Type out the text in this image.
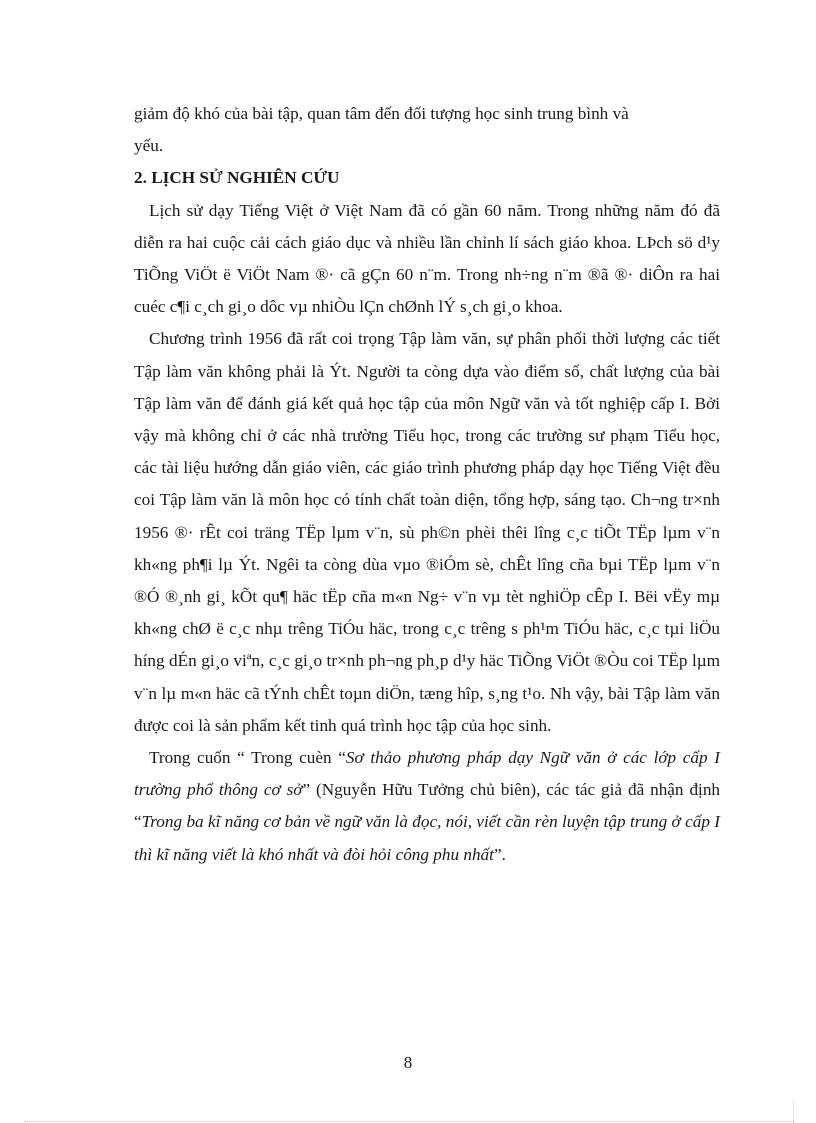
giảm độ khó của bài tập, quan tâm đến đối tượng học sinh trung bình và

yếu.

2. LỊCH SỬ NGHIÊN CỨU

Lịch sử dạy Tiếng Việt ở Việt Nam đã có gần 60 năm. Trong những năm đó đã diễn ra hai cuộc cải cách giáo dục và nhiều lần chỉnh lí sách giáo khoa. LÞch sö d¹y TiÕng ViÖt ë ViÖt Nam ®· cã gÇn 60 n¨m. Trong nh÷ng n¨m ®ã ®· diÔn ra hai cuéc c¶i c¸ch gi¸o dôc vµ nhiÒu lÇn chØnh lÝ s¸ch gi¸o khoa.

Chương trình 1956 đã rất coi trọng Tập làm văn, sự phân phối thời lượng các tiết Tập làm văn không phải là Ýt. Người ta còng dựa vào điểm số, chất lượng của bài Tập làm văn để đánh giá kết quả học tập của môn Ngữ văn và tốt nghiệp cấp I. Bởi vậy mà không chỉ ở các nhà trường Tiểu học, trong các trường sư phạm Tiểu học, các tài liệu hướng dẫn giáo viên, các giáo trình phương pháp dạy học Tiếng Việt đều coi Tập làm văn là môn học có tính chất toàn diện, tổng hợp, sáng tạo. Ch¬ng tr×nh 1956 ®· rÊt coi träng TËp lµm v¨n, sù ph©n phèi thêi lîng c¸c tiÕt TËp lµm v¨n kh«ng ph¶i lµ Ýt. Ngêi ta còng dùa vµo ®iÓm sè, chÊt lîng cña bµi TËp lµm v¨n ®Ó ®¸nh gi¸ kÕt qu¶ häc tËp cña m«n Ng÷ v¨n vµ tèt nghiÖp cÊp I. Bëi vËy mµ kh«ng chØ ë c¸c nhµ trêng TiÓu häc, trong c¸c trêng s ph¹m TiÓu häc, c¸c tµi liÖu híng dÉn gi¸o viªn, c¸c gi¸o tr×nh ph¬ng ph¸p d¹y häc TiÕng ViÖt ®Òu coi TËp lµm v¨n lµ m«n häc cã tÝnh chÊt toµn diÖn, tæng hîp, s¸ng t¹o. Nh vậy, bài Tập làm văn được coi là sản phẩm kết tinh quá trình học tập của học sinh.

Trong cuốn “ Trong cuèn “Sơ thảo phương pháp dạy Ngữ văn ở các lớp cấp I trường phổ thông cơ sở” (Nguyễn Hữu Tưởng chủ biên), các tác giả đã nhận định “Trong ba kĩ năng cơ bản về ngữ văn là đọc, nói, viết cần rèn luyện tập trung ở cấp I thì kĩ năng viết là khó nhất và đòi hỏi công phu nhất”.

8
